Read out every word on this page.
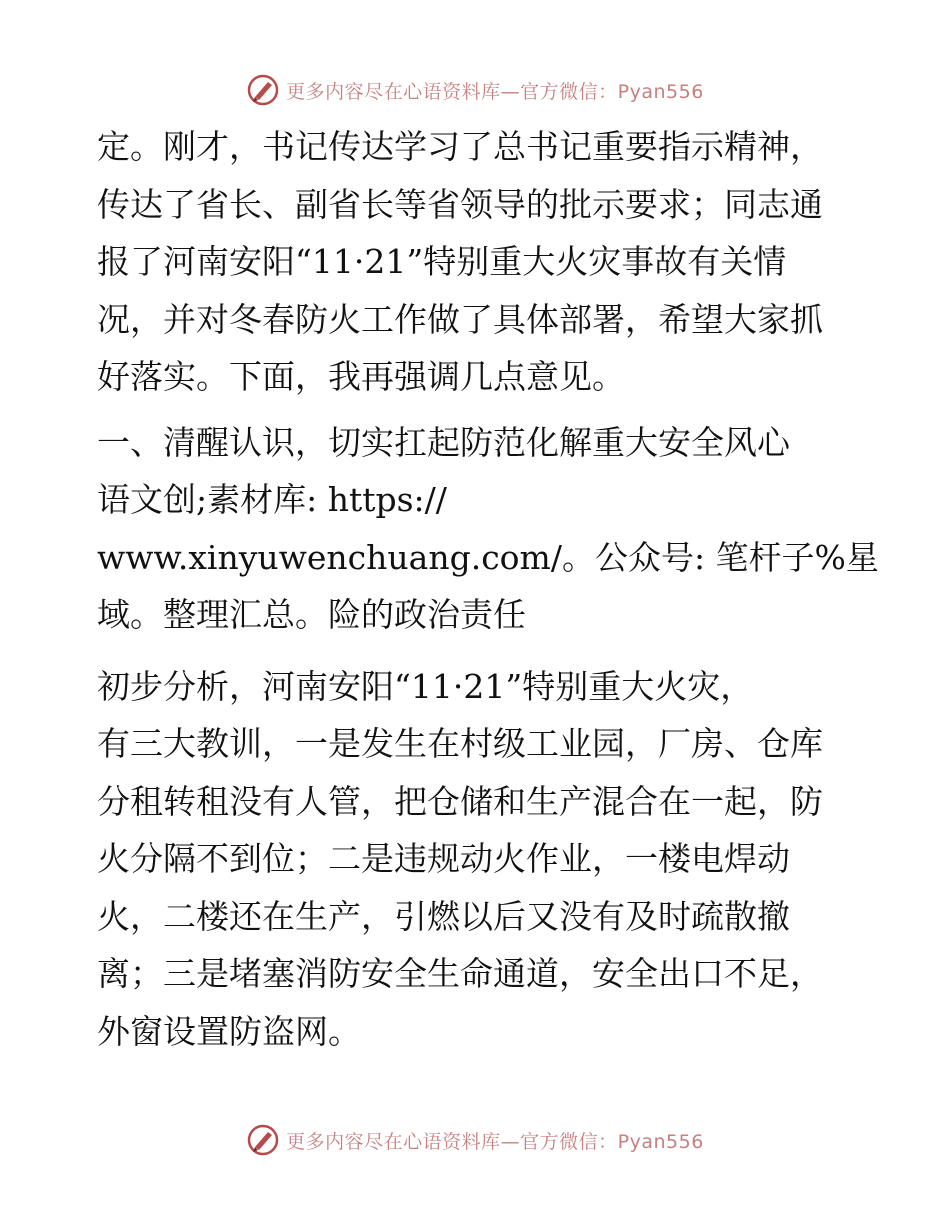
更多内容尽在心语资料库—官方微信：Pyan556
定。刚才，书记传达学习了总书记重要指示精神，
传达了省长、副省长等省领导的批示要求；同志通
报了河南安阳“11·21”特别重大火灾事故有关情
况，并对冬春防火工作做了具体部署，希望大家抓
好落实。下面，我再强调几点意见。
一、清醒认识，切实扛起防范化解重大安全风心
语文创;素材库: https://
www.xinyuwenchuang.com/。公众号: 笔杆子%星
域。整理汇总。险的政治责任
初步分析，河南安阳“11·21”特别重大火灾，
有三大教训，一是发生在村级工业园，厂房、仓库
分租转租没有人管，把仓储和生产混合在一起，防
火分隔不到位；二是违规动火作业，一楼电焊动
火，二楼还在生产，引燃以后又没有及时疏散撤
离；三是堵塞消防安全生命通道，安全出口不足，
外窗设置防盗网。
更多内容尽在心语资料库—官方微信：Pyan556
